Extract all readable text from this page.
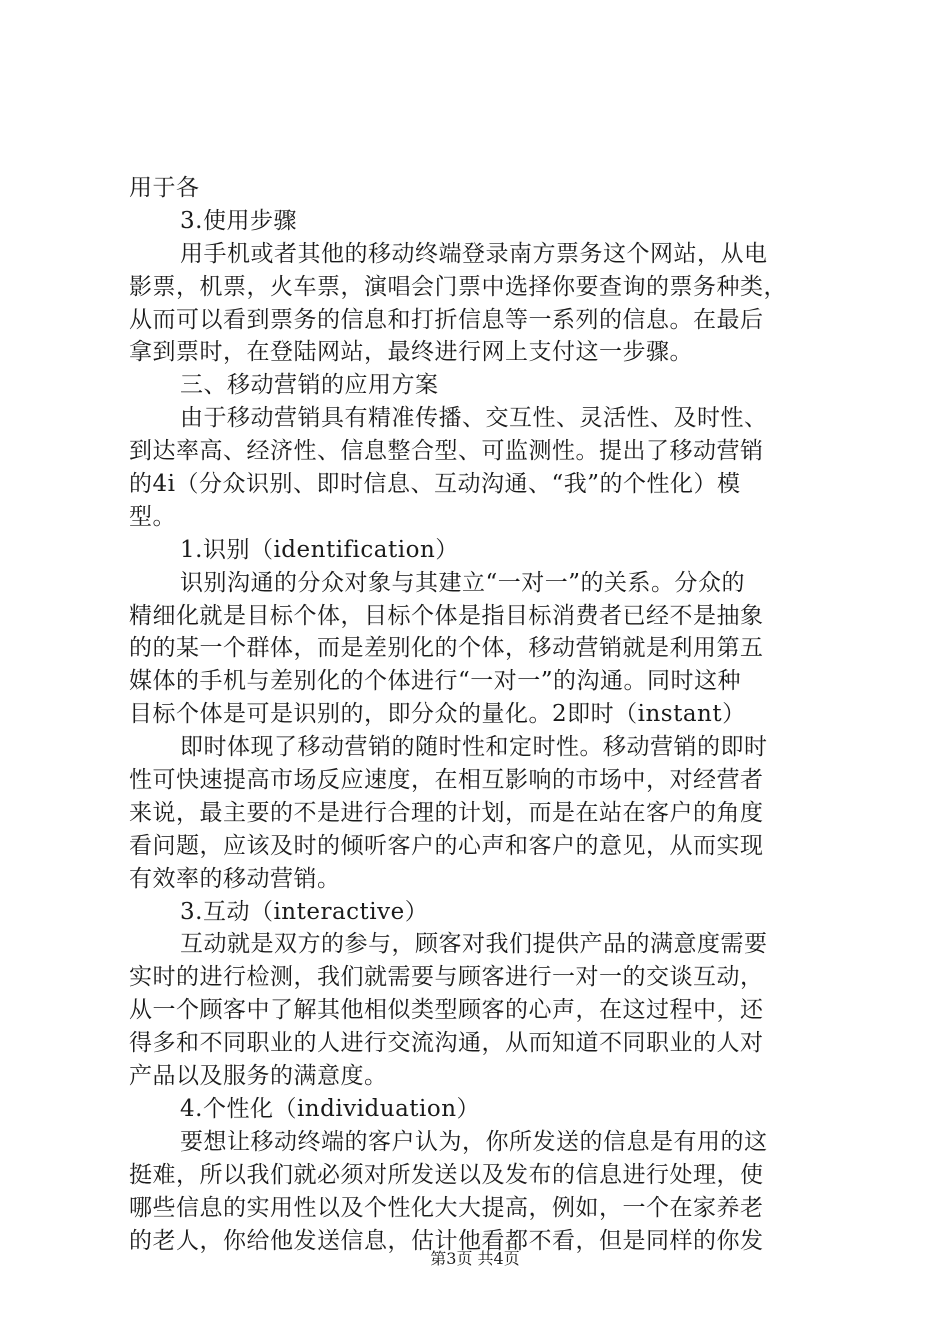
用于各
3.使用步骤
用手机或者其他的移动终端登录南方票务这个网站，从电
影票，机票，火车票，演唱会门票中选择你要查询的票务种类，
从而可以看到票务的信息和打折信息等一系列的信息。在最后
拿到票时，在登陆网站，最终进行网上支付这一步骤。
三、移动营销的应用方案
由于移动营销具有精准传播、交互性、灵活性、及时性、
到达率高、经济性、信息整合型、可监测性。提出了移动营销
的4i（分众识别、即时信息、互动沟通、“我”的个性化）模
型。
1.识别（identification）
识别沟通的分众对象与其建立“一对一”的关系。分众的
精细化就是目标个体，目标个体是指目标消费者已经不是抽象
的的某一个群体，而是差别化的个体，移动营销就是利用第五
媒体的手机与差别化的个体进行“一对一”的沟通。同时这种
目标个体是可是识别的，即分众的量化。2即时（instant）
即时体现了移动营销的随时性和定时性。移动营销的即时
性可快速提高市场反应速度，在相互影响的市场中，对经营者
来说，最主要的不是进行合理的计划，而是在站在客户的角度
看问题，应该及时的倾听客户的心声和客户的意见，从而实现
有效率的移动营销。
3.互动（interactive）
互动就是双方的参与，顾客对我们提供产品的满意度需要
实时的进行检测，我们就需要与顾客进行一对一的交谈互动，
从一个顾客中了解其他相似类型顾客的心声，在这过程中，还
得多和不同职业的人进行交流沟通，从而知道不同职业的人对
产品以及服务的满意度。
4.个性化（individuation）
要想让移动终端的客户认为，你所发送的信息是有用的这
挺难，所以我们就必须对所发送以及发布的信息进行处理，使
哪些信息的实用性以及个性化大大提高，例如，一个在家养老
的老人，你给他发送信息，估计他看都不看，但是同样的你发
第3页 共4页
